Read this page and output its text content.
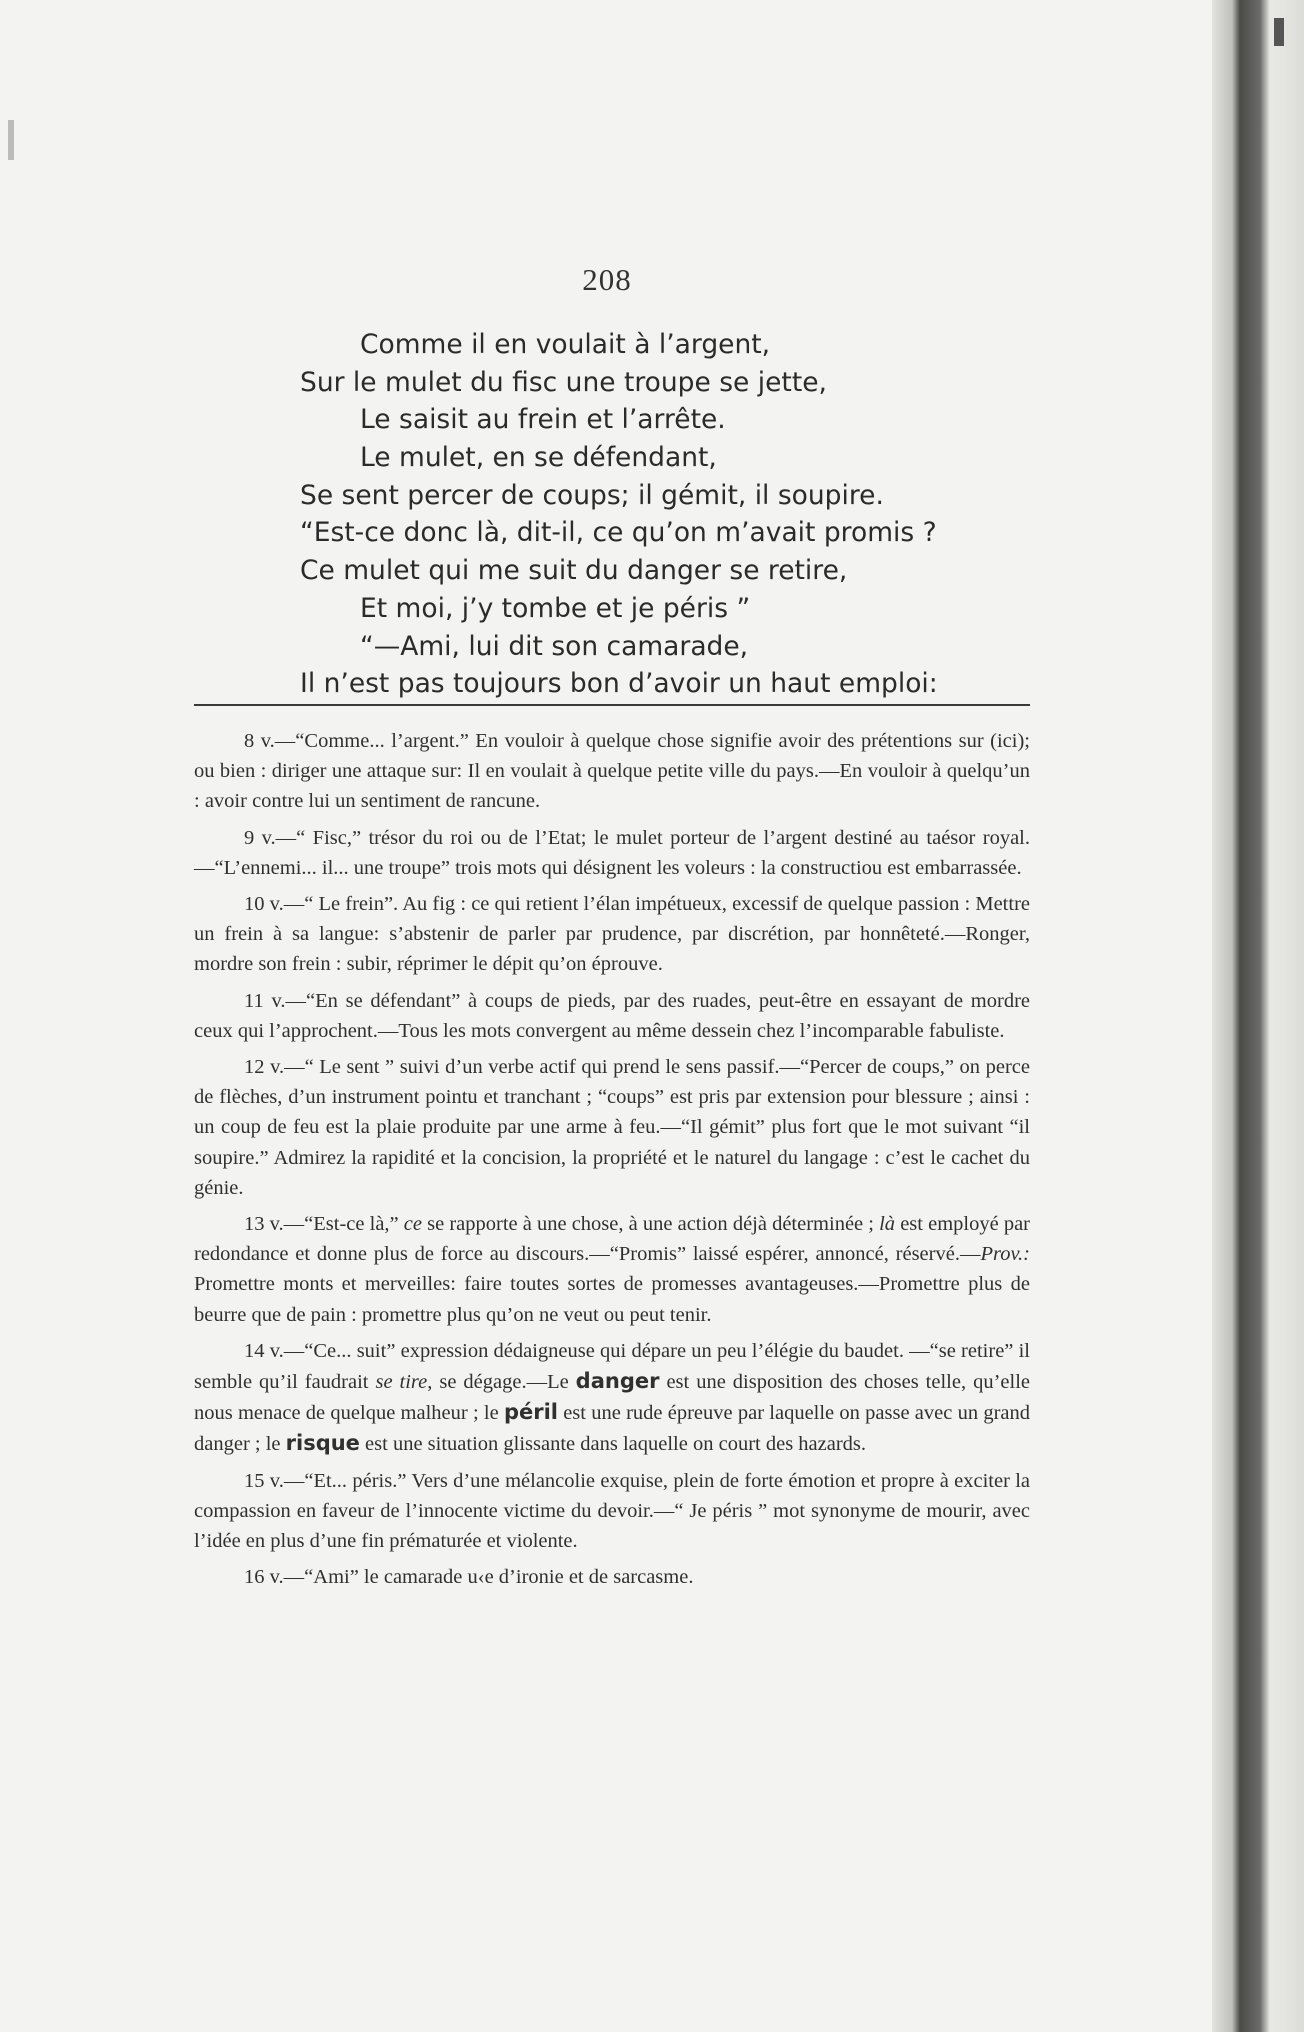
208
Comme il en voulait à l’argent,
Sur le mulet du fisc une troupe se jette,
Le saisit au frein et l’arrête.
Le mulet, en se défendant,
Se sent percer de coups; il gémit, il soupire.
“Est-ce donc là, dit-il, ce qu’on m’avait promis ?
Ce mulet qui me suit du danger se retire,
Et moi, j’y tombe et je péris ”
“—Ami, lui dit son camarade,
Il n’est pas toujours bon d’avoir un haut emploi:

8 v.—“Comme... l’argent.” En vouloir à quelque chose signifie avoir des prétentions sur (ici); ou bien : diriger une attaque sur: Il en voulait à quelque petite ville du pays.—En vouloir à quelqu’un : avoir contre lui un sentiment de rancune.

9 v.—“ Fisc,” trésor du roi ou de l’Etat; le mulet porteur de l’argent destiné au taésor royal.—“L’ennemi... il... une troupe” trois mots qui désignent les voleurs : la constructiou est embarrassée.

10 v.—“ Le frein”. Au fig : ce qui retient l’élan impétueux, excessif de quelque passion : Mettre un frein à sa langue: s’abstenir de parler par prudence, par discrétion, par honnêteté.—Ronger, mordre son frein : subir, réprimer le dépit qu’on éprouve.

11 v.—“En se défendant” à coups de pieds, par des ruades, peut-être en essayant de mordre ceux qui l’approchent.—Tous les mots convergent au même dessein chez l’incomparable fabuliste.

12 v.—“ Le sent ” suivi d’un verbe actif qui prend le sens passif.—“Percer de coups,” on perce de flèches, d’un instrument pointu et tranchant ; “coups” est pris par extension pour blessure ; ainsi : un coup de feu est la plaie produite par une arme à feu.—“Il gémit” plus fort que le mot suivant “il soupire.” Admirez la rapidité et la concision, la propriété et le naturel du langage : c’est le cachet du génie.

13 v.—“Est-ce là,” ce se rapporte à une chose, à une action déjà déterminée ; là est employé par redondance et donne plus de force au discours.—“Promis” laissé espérer, annoncé, réservé.—Prov.: Promettre monts et merveilles: faire toutes sortes de promesses avantageuses.—Promettre plus de beurre que de pain : promettre plus qu’on ne veut ou peut tenir.

14 v.—“Ce... suit” expression dédaigneuse qui dépare un peu l’élégie du baudet. —“se retire” il semble qu’il faudrait se tire, se dégage.—Le danger est une disposition des choses telle, qu’elle nous menace de quelque malheur ; le péril est une rude épreuve par laquelle on passe avec un grand danger ; le risque est une situation glissante dans laquelle on court des hazards.

15 v.—“Et... péris.” Vers d’une mélancolie exquise, plein de forte émotion et propre à exciter la compassion en faveur de l’innocente victime du devoir.—“ Je péris ” mot synonyme de mourir, avec l’idée en plus d’une fin prématurée et violente.

16 v.—“Ami” le camarade u‹e d’ironie et de sarcasme.
